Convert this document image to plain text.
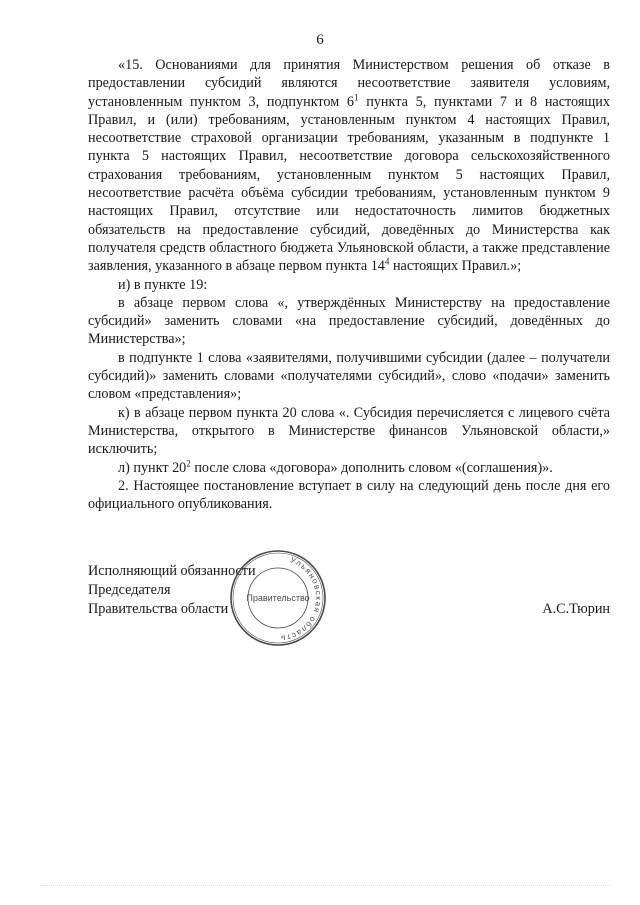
6

«15. Основаниями для принятия Министерством решения об отказе в предоставлении субсидий являются несоответствие заявителя условиям, установленным пунктом 3, подпунктом $6^1$ пункта 5, пунктами 7 и 8 настоящих Правил, и (или) требованиям, установленным пунктом 4 настоящих Правил, несоответствие страховой организации требованиям, указанным в подпункте 1 пункта 5 настоящих Правил, несоответствие договора сельскохозяйственного страхования требованиям, установленным пунктом 5 настоящих Правил, несоответствие расчёта объёма субсидии требованиям, установленным пунктом 9 настоящих Правил, отсутствие или недостаточность лимитов бюджетных обязательств на предоставление субсидий, доведённых до Министерства как получателя средств областного бюджета Ульяновской области, а также представление заявления, указанного в абзаце первом пункта $14^4$ настоящих Правил.»;

и) в пункте 19:

в абзаце первом слова «, утверждённых Министерству на предоставление субсидий» заменить словами «на предоставление субсидий, доведённых до Министерства»;

в подпункте 1 слова «заявителями, получившими субсидии (далее – получатели субсидий)» заменить словами «получателями субсидий», слово «подачи» заменить словом «представления»;

к) в абзаце первом пункта 20 слова «. Субсидия перечисляется с лицевого счёта Министерства, открытого в Министерстве финансов Ульяновской области,» исключить;

л) пункт $20^2$ после слова «договора» дополнить словом «(соглашения)».

2. Настоящее постановление вступает в силу на следующий день после дня его официального опубликования.

Исполняющий обязанности
Председателя
Правительства области	А.С.Тюрин
Ульяновская область
Правительство
